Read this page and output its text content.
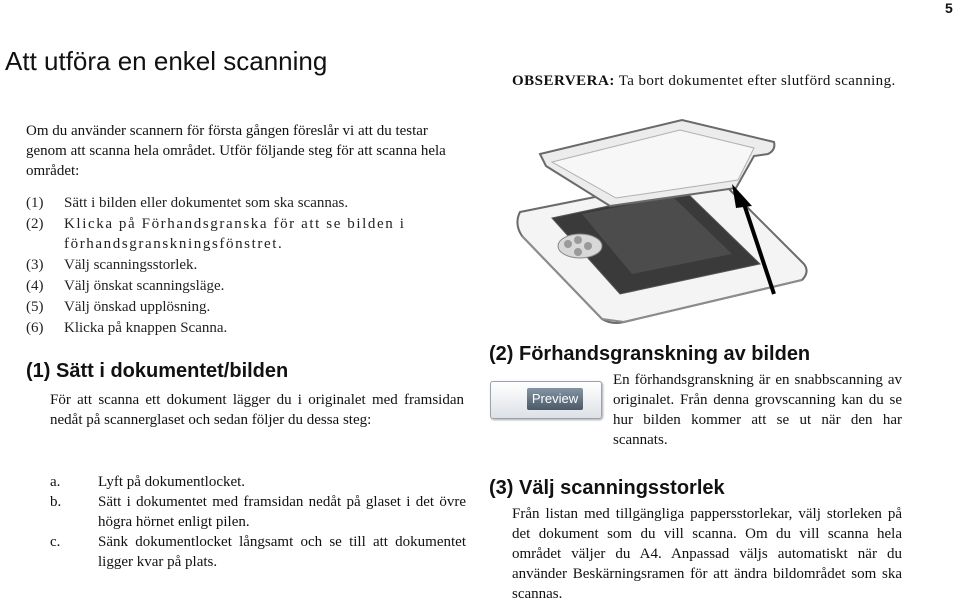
5
Att utföra en enkel scanning

Om du använder scannern för första gången föreslår vi att du testar genom att scanna hela området. Utför följande steg för att scanna hela området:

(1) Sätt i bilden eller dokumentet som ska scannas.
(2) Klicka på Förhandsgranska för att se bilden i förhandsgranskningsfönstret.
(3) Välj scanningsstorlek.
(4) Välj önskat scanningsläge.
(5) Välj önskad upplösning.
(6) Klicka på knappen Scanna.
(1) Sätt i dokumentet/bilden

För att scanna ett dokument lägger du i originalet med framsidan nedåt på scannerglaset och sedan följer du dessa steg:

a.	Lyft på dokumentlocket.
b. Sätt i dokumentet med framsidan nedåt på glaset i det övre högra hörnet enligt pilen.
c.	Sänk dokumentlocket långsamt och se till att dokumentet ligger kvar på plats.
OBSERVERA: Ta bort dokumentet efter slutförd scanning.
(2) Förhandsgranskning av bilden
Preview

En förhandsgranskning är en snabbscanning av originalet. Från denna grovscanning kan du se hur bilden kommer att se ut när den har scannats.

(3) Välj scanningsstorlek

Från listan med tillgängliga pappersstorlekar, välj storleken på det dokument som du vill scanna. Om du vill scanna hela området väljer du A4. Anpassad väljs automatiskt när du använder Beskärningsramen för att ändra bildområdet som ska scannas.
